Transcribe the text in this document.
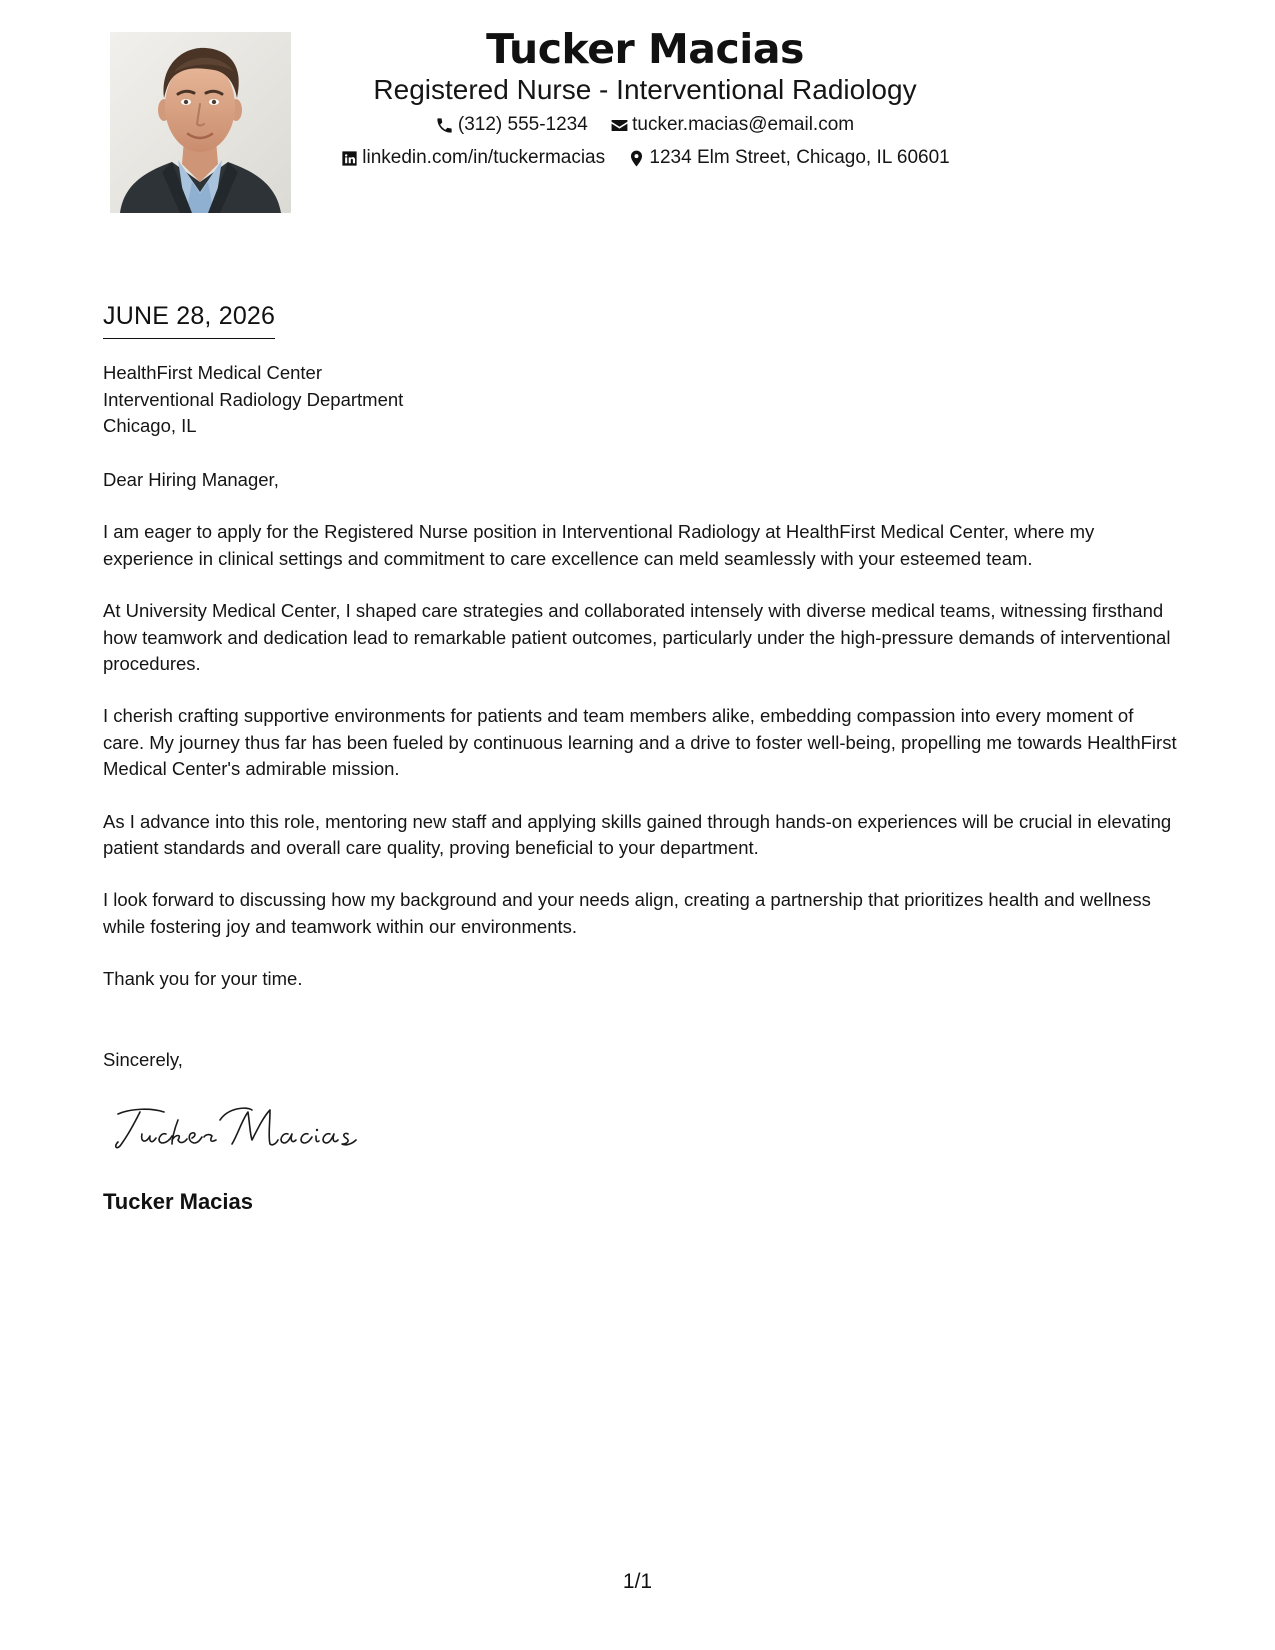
Tucker Macias
Registered Nurse - Interventional Radiology
(312) 555-1234
tucker.macias@email.com
linkedin.com/in/tuckermacias
1234 Elm Street, Chicago, IL 60601
JUNE 28, 2026
HealthFirst Medical Center
Interventional Radiology Department
Chicago, IL

Dear Hiring Manager,

I am eager to apply for the Registered Nurse position in Interventional Radiology at HealthFirst Medical Center, where my experience in clinical settings and commitment to care excellence can meld seamlessly with your esteemed team.

At University Medical Center, I shaped care strategies and collaborated intensely with diverse medical teams, witnessing firsthand how teamwork and dedication lead to remarkable patient outcomes, particularly under the high-pressure demands of interventional procedures.

I cherish crafting supportive environments for patients and team members alike, embedding compassion into every moment of care. My journey thus far has been fueled by continuous learning and a drive to foster well-being, propelling me towards HealthFirst Medical Center's admirable mission.

As I advance into this role, mentoring new staff and applying skills gained through hands-on experiences will be crucial in elevating patient standards and overall care quality, proving beneficial to your department.

I look forward to discussing how my background and your needs align, creating a partnership that prioritizes health and wellness while fostering joy and teamwork within our environments.

Thank you for your time.

Sincerely,
Tucker Macias
1/1
